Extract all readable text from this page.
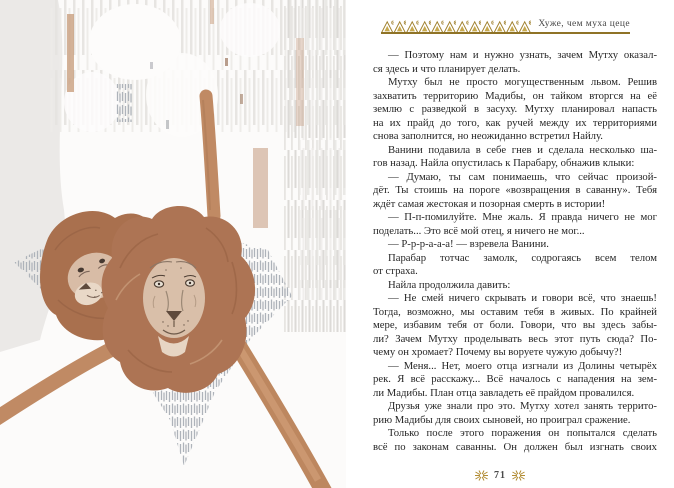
Хуже, чем муха цеце
— Поэтому нам и нужно узнать, зачем Мутху оказал-
ся здесь и что планирует делать.
Мутху был не просто могущественным львом. Решив
захватить территорию Мадибы, он тайком вторгся на её
землю с разведкой в засуху. Мутху планировал напасть
на их прайд до того, как ручей между их территориями
снова заполнится, но неожиданно встретил Найлу.
Ванини подавила в себе гнев и сделала несколько ша-
гов назад. Найла опустилась к Парабару, обнажив клыки:
— Думаю, ты сам понимаешь, что сейчас произой-
дёт. Ты стоишь на пороге «возвращения в саванну». Тебя
ждёт самая жестокая и позорная смерть в истории!
— П-п-помилуйте. Мне жаль. Я правда ничего не мог
поделать... Это всё мой отец, я ничего не мог...
— Р-р-р-а-а-а! — взревела Ванини.
Парабар тотчас замолк, содрогаясь всем телом
от страха.
Найла продолжила давить:
— Не смей ничего скрывать и говори всё, что знаешь!
Тогда, возможно, мы оставим тебя в живых. По крайней
мере, избавим тебя от боли. Говори, что вы здесь забы-
ли? Зачем Мутху проделывать весь этот путь сюда? По-
чему он хромает? Почему вы воруете чужую добычу?!
— Меня... Нет, моего отца изгнали из Долины четырёх
рек. Я всё расскажу... Всё началось с нападения на зем-
ли Мадибы. План отца завладеть её прайдом провалился.
Друзья уже знали про это. Мутху хотел занять террито-
рию Мадибы для своих сыновей, но проиграл сражение.
Только после этого поражения он попытался сделать
всё по законам саванны. Он должен был изгнать своих
71
